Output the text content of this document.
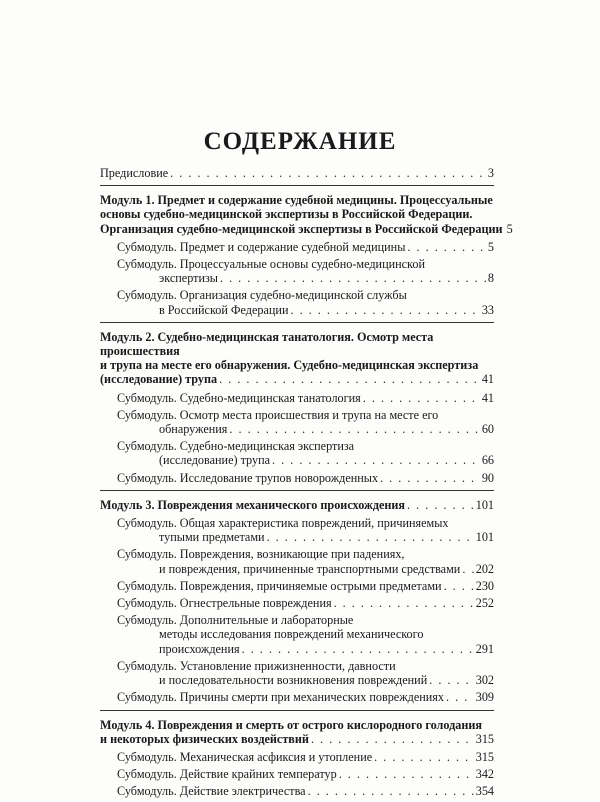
СОДЕРЖАНИЕ
Предисловие . . .	3
Модуль 1. Предмет и содержание судебной медицины. Процессуальные
основы судебно-медицинской экспертизы в Российской Федерации.
Организация судебно-медицинской экспертизы в Российской Федерации 5
Субмодуль. Предмет и содержание судебной медицины . . .	5
Субмодуль. Процессуальные основы судебно-медицинской
экспертизы . . .	8
Субмодуль. Организация судебно-медицинской службы
в Российской Федерации . . .	33
Модуль 2. Судебно-медицинская танатология. Осмотр места происшествия
и трупа на месте его обнаружения. Судебно-медицинская экспертиза
(исследование) трупа . . .	41
Субмодуль. Судебно-медицинская танатология . . .	41
Субмодуль. Осмотр места происшествия и трупа на месте его
обнаружения . . .	60
Субмодуль. Судебно-медицинская экспертиза
(исследование) трупа . . .	66
Субмодуль. Исследование трупов новорожденных . . .	90
Модуль 3. Повреждения механического происхождения . . .	101
Субмодуль. Общая характеристика повреждений, причиняемых
тупыми предметами . . .	101
Субмодуль. Повреждения, возникающие при падениях,
и повреждения, причиненные транспортными средствами . . . 202
Субмодуль. Повреждения, причиняемые острыми предметами . . .	230
Субмодуль. Огнестрельные повреждения . . .	252
Субмодуль. Дополнительные и лабораторные
методы исследования повреждений механического
происхождения . . .	291
Субмодуль. Установление прижизненности, давности
и последовательности возникновения повреждений . . .	302
Субмодуль. Причины смерти при механических повреждениях . . .	309
Модуль 4. Повреждения и смерть от острого кислородного голодания
и некоторых физических воздействий . . .	315
Субмодуль. Механическая асфиксия и утопление . . .	315
Субмодуль. Действие крайних температур . . .	342
Субмодуль. Действие электричества . . .	354
